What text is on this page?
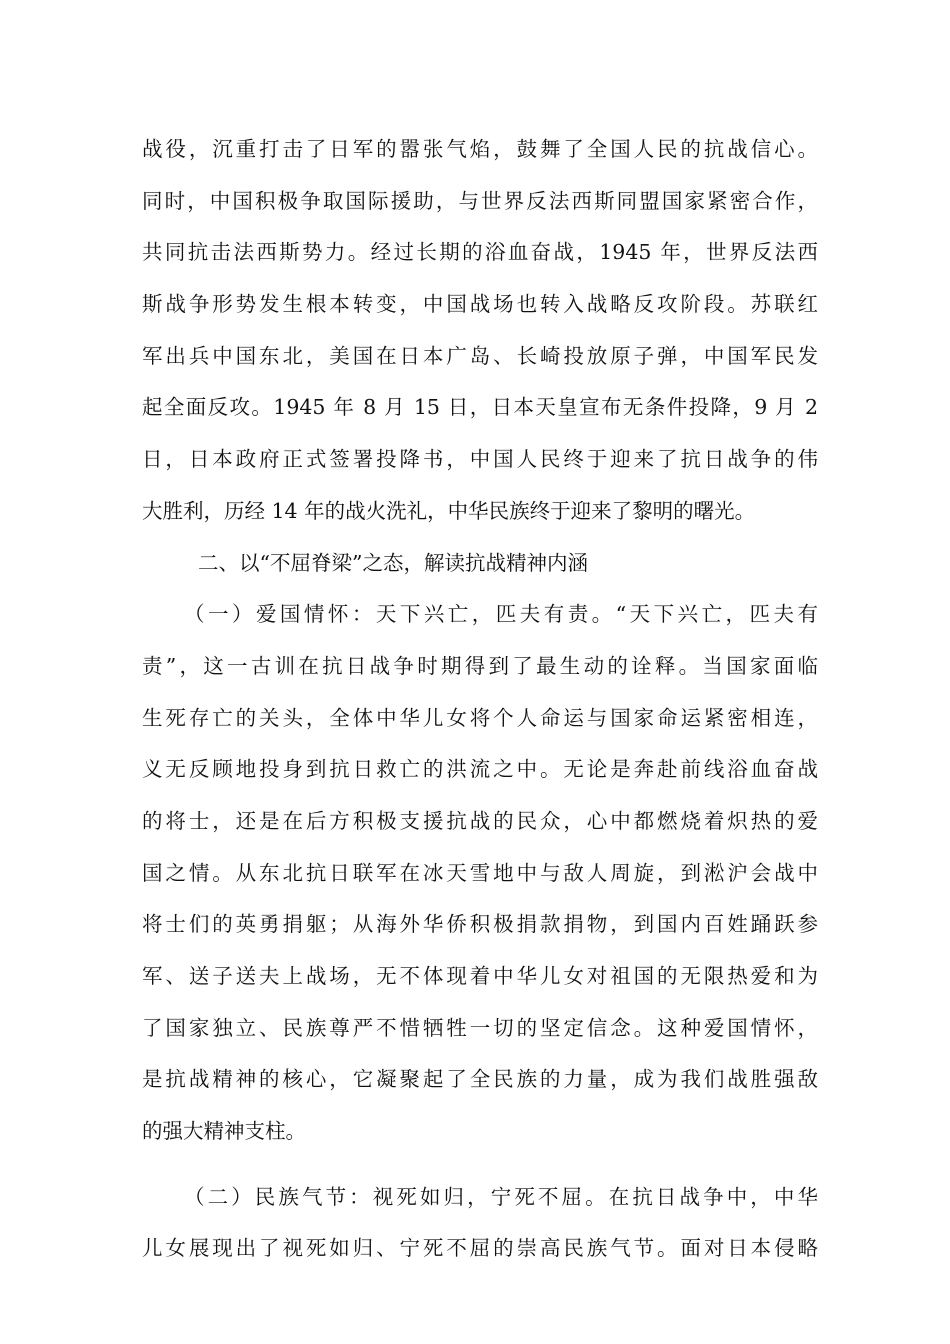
战役，沉重打击了日军的嚣张气焰，鼓舞了全国人民的抗战信心。
同时，中国积极争取国际援助，与世界反法西斯同盟国家紧密合作，
共同抗击法西斯势力。经过长期的浴血奋战，1945 年，世界反法西
斯战争形势发生根本转变，中国战场也转入战略反攻阶段。苏联红
军出兵中国东北，美国在日本广岛、长崎投放原子弹，中国军民发
起全面反攻。1945 年 8 月 15 日，日本天皇宣布无条件投降，9 月 2
日，日本政府正式签署投降书，中国人民终于迎来了抗日战争的伟
大胜利，历经 14 年的战火洗礼，中华民族终于迎来了黎明的曙光。
二、以“不屈脊梁”之态，解读抗战精神内涵
（一）爱国情怀：天下兴亡，匹夫有责。“天下兴亡，匹夫有
责”，这一古训在抗日战争时期得到了最生动的诠释。当国家面临
生死存亡的关头，全体中华儿女将个人命运与国家命运紧密相连，
义无反顾地投身到抗日救亡的洪流之中。无论是奔赴前线浴血奋战
的将士，还是在后方积极支援抗战的民众，心中都燃烧着炽热的爱
国之情。从东北抗日联军在冰天雪地中与敌人周旋，到淞沪会战中
将士们的英勇捐躯；从海外华侨积极捐款捐物，到国内百姓踊跃参
军、送子送夫上战场，无不体现着中华儿女对祖国的无限热爱和为
了国家独立、民族尊严不惜牺牲一切的坚定信念。这种爱国情怀，
是抗战精神的核心，它凝聚起了全民族的力量，成为我们战胜强敌
的强大精神支柱。
（二）民族气节：视死如归，宁死不屈。在抗日战争中，中华
儿女展现出了视死如归、宁死不屈的崇高民族气节。面对日本侵略
